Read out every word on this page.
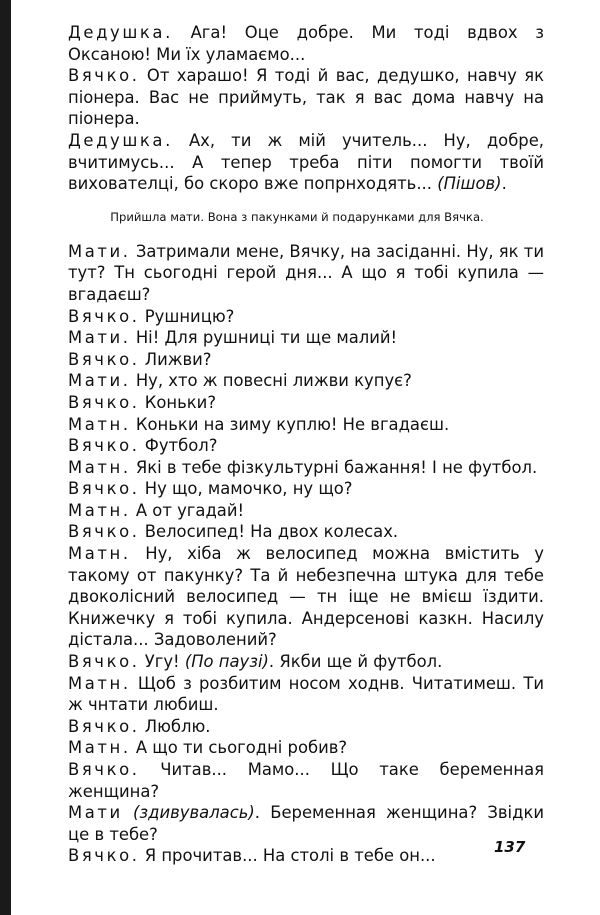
Дедушка. Ага! Оце добре. Ми тоді вдвох з Оксаною! Ми їх уламаємо...

Вячко. От харашо! Я тоді й вас, дедушко, навчу як піонера. Вас не приймуть, так я вас дома навчу на піонера.

Дедушка. Ах, ти ж мій учитель... Ну, добре, вчитимусь... А тепер треба піти помогти твоїй вихователці, бо скоро вже попрнходять... (Пішов).

Прийшла мати. Вона з пакунками й подарунками для Вячка.

Мати. Затримали мене, Вячку, на засіданні. Ну, як ти тут? Тн сьогодні герой дня... А що я тобі купила — вгадаєш?

Вячко. Рушницю?

Мати. Ні! Для рушниці ти ще малий!

Вячко. Лижви?

Мати. Ну, хто ж повесні лижви купує?

Вячко. Коньки?

Матн. Коньки на зиму куплю! Не вгадаєш.

Вячко. Футбол?

Матн. Які в тебе фізкультурні бажання! І не футбол.

Вячко. Ну що, мамочко, ну що?

Матн. А от угадай!

Вячко. Велосипед! На двох колесах.

Матн. Ну, хіба ж велосипед можна вмістить у такому от пакунку? Та й небезпечна штука для тебе двоколісний велосипед — тн іще не вмієш їздити. Книжечку я тобі купила. Андерсенові казкн. Насилу дістала... Задоволений?

Вячко. Угу! (По паузі). Якби ще й футбол.

Матн. Щоб з розбитим носом ходнв. Читатимеш. Ти ж чнтати любиш.

Вячко. Люблю.

Матн. А що ти сьогодні робив?

Вячко. Читав... Мамо... Що таке беременная женщина?

Мати (здивувалась). Беременная женщина? Звідки це в тебе?

Вячко. Я прочитав... На столі в тебе он...	137
